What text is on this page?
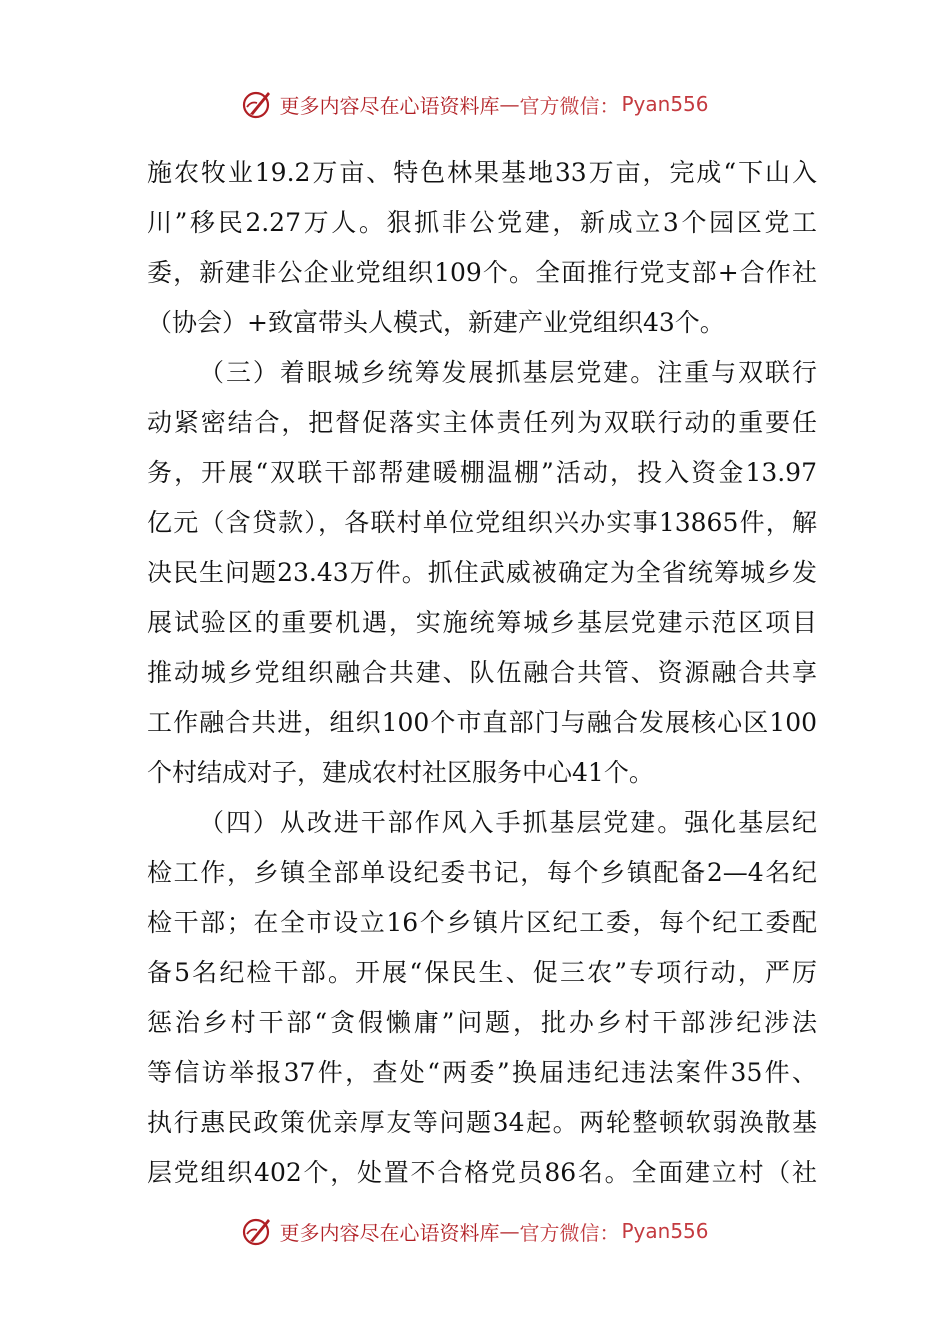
更多内容尽在心语资料库 — 官方微信： Pyan556
施农牧业19.2万亩、特色林果基地33万亩，完成“下山入
川”移民2.27万人。狠抓非公党建，新成立3个园区党工
委，新建非公企业党组织109个。全面推行党支部+合作社
（协会）+致富带头人模式，新建产业党组织43个。
（三）着眼城乡统筹发展抓基层党建。注重与双联行
动紧密结合，把督促落实主体责任列为双联行动的重要任
务，开展“双联干部帮建暖棚温棚”活动，投入资金13.97
亿元（含贷款），各联村单位党组织兴办实事13865件，解
决民生问题23.43万件。抓住武威被确定为全省统筹城乡发
展试验区的重要机遇，实施统筹城乡基层党建示范区项目
推动城乡党组织融合共建、队伍融合共管、资源融合共享
工作融合共进，组织100个市直部门与融合发展核心区100
个村结成对子，建成农村社区服务中心41个。
（四）从改进干部作风入手抓基层党建。强化基层纪
检工作，乡镇全部单设纪委书记，每个乡镇配备2—4名纪
检干部；在全市设立16个乡镇片区纪工委，每个纪工委配
备5名纪检干部。开展“保民生、促三农”专项行动，严厉
惩治乡村干部“贪假懒庸”问题，批办乡村干部涉纪涉法
等信访举报37件，查处“两委”换届违纪违法案件35件、
执行惠民政策优亲厚友等问题34起。两轮整顿软弱涣散基
层党组织402个，处置不合格党员86名。全面建立村（社
更多内容尽在心语资料库 — 官方微信： Pyan556
